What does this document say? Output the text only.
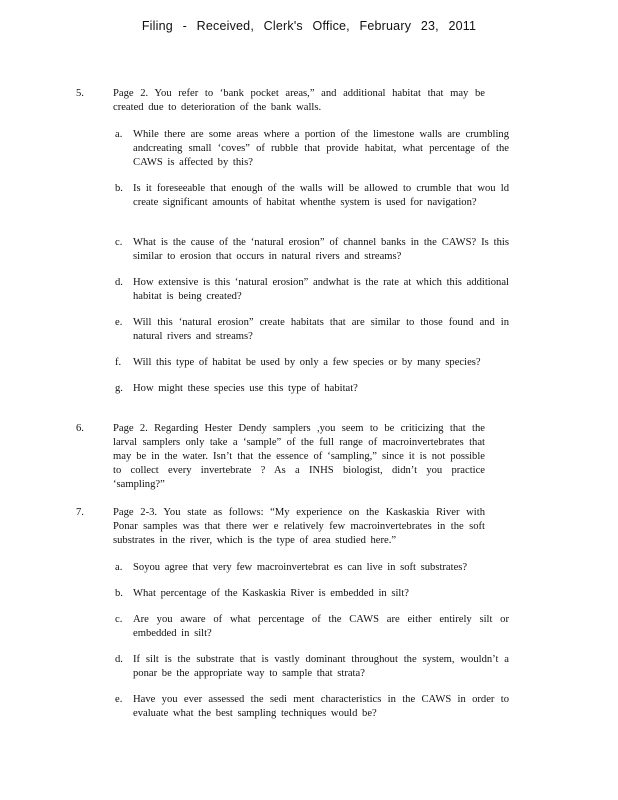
Filing - Received, Clerk's Office, February 23, 2011
5.	Page 2. You refer to ‘bank pocket areas,” and additional habitat that may be created due to deterioration of the bank walls.
a. While there are some areas where a portion of the limestone walls are crumbling andcreating small ‘coves” of rubble that provide habitat, what percentage of the CAWS is affected by this?
b. Is it foreseeable that enough of the walls will be allowed to crumble that wou ld create significant amounts of habitat whenthe system is used for navigation?
c. What is the cause of the ‘natural erosion” of channel banks in the CAWS? Is this similar to erosion that occurs in natural rivers and streams?
d. How extensive is this ‘natural erosion” andwhat is the rate at which this additional habitat is being created?
e. Will this ‘natural erosion” create habitats that are similar to those found and in natural rivers and streams?
f. Will this type of habitat be used by only a few species or by many species?
g. How might these species use this type of habitat?
6.	Page 2. Regarding Hester Dendy samplers ,you seem to be criticizing that the larval samplers only take a ‘sample” of the full range of macroinvertebrates that may be in the water. Isn’t that the essence of ‘sampling,” since it is not possible to collect every invertebrate ? As a INHS biologist, didn’t you practice ‘sampling?”
7.	Page 2-3. You state as follows: “My experience on the Kaskaskia River with Ponar samples was that there wer e relatively few macroinvertebrates in the soft substrates in the river, which is the type of area studied here.”
a. Soyou agree that very few macroinvertebrat es can live in soft substrates?
b. What percentage of the Kaskaskia River is embedded in silt?
c. Are you aware of what percentage of the CAWS are either entirely silt or embedded in silt?
d. If silt is the substrate that is vastly dominant throughout the system, wouldn’t a ponar be the appropriate way to sample that strata?
e. Have you ever assessed the sedi ment characteristics in the CAWS in order to evaluate what the best sampling techniques would be?
